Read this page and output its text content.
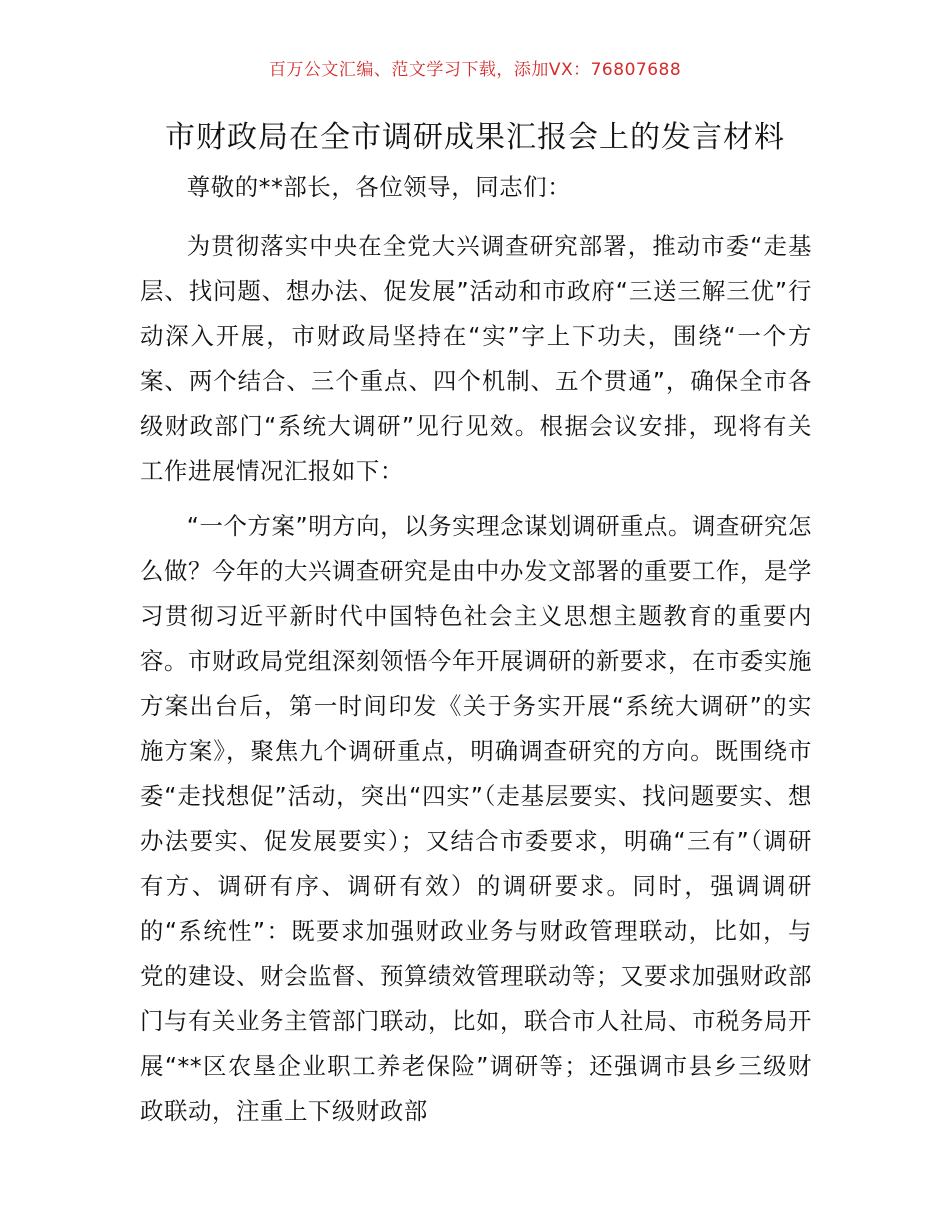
百万公文汇编、范文学习下载，添加VX：76807688
市财政局在全市调研成果汇报会上的发言材料

尊敬的**部长，各位领导，同志们：

为贯彻落实中央在全党大兴调查研究部署，推动市委“走基层、找问题、想办法、促发展”活动和市政府“三送三解三优”行动深入开展，市财政局坚持在“实”字上下功夫，围绕“一个方案、两个结合、三个重点、四个机制、五个贯通”，确保全市各级财政部门“系统大调研”见行见效。根据会议安排，现将有关工作进展情况汇报如下：

“一个方案”明方向，以务实理念谋划调研重点。调查研究怎么做？今年的大兴调查研究是由中办发文部署的重要工作，是学习贯彻习近平新时代中国特色社会主义思想主题教育的重要内容。市财政局党组深刻领悟今年开展调研的新要求，在市委实施方案出台后，第一时间印发《关于务实开展“系统大调研”的实施方案》，聚焦九个调研重点，明确调查研究的方向。既围绕市委“走找想促”活动，突出“四实”（走基层要实、找问题要实、想办法要实、促发展要实）；又结合市委要求，明确“三有”（调研有方、调研有序、调研有效）的调研要求。同时，强调调研的“系统性”：既要求加强财政业务与财政管理联动，比如，与党的建设、财会监督、预算绩效管理联动等；又要求加强财政部门与有关业务主管部门联动，比如，联合市人社局、市税务局开展“**区农垦企业职工养老保险”调研等；还强调市县乡三级财政联动，注重上下级财政部
